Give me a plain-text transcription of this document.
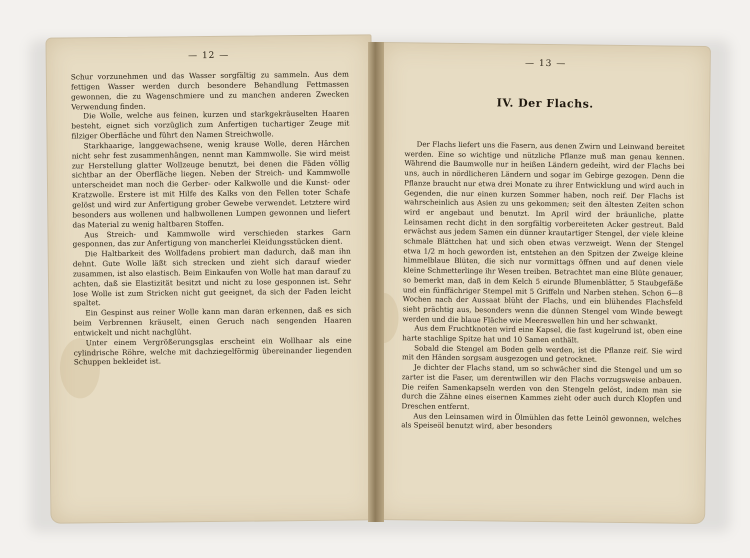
— 12 —

Schur vorzunehmen und das Wasser sorgfältig zu sammeln. Aus dem fettigen Wasser werden durch besondere Behandlung Fettmassen gewonnen, die zu Wagenschmiere und zu manchen anderen Zwecken Verwendung finden.

Die Wolle, welche aus feinen, kurzen und starkgekräuselten Haaren besteht, eignet sich vorzüglich zum Anfertigen tuchartiger Zeuge mit filziger Oberfläche und führt den Namen Streichwolle.

Starkhaarige, langgewachsene, wenig krause Wolle, deren Härchen nicht sehr fest zusammenhängen, nennt man Kammwolle. Sie wird meist zur Herstellung glatter Wollzeuge benutzt, bei denen die Fäden völlig sichtbar an der Oberfläche liegen. Neben der Streich- und Kammwolle unterscheidet man noch die Gerber- oder Kalkwolle und die Kunst- oder Kratzwolle. Erstere ist mit Hilfe des Kalks von den Fellen toter Schafe gelöst und wird zur Anfertigung grober Gewebe verwendet. Letztere wird besonders aus wollenen und halbwollenen Lumpen gewonnen und liefert das Material zu wenig haltbaren Stoffen.

Aus Streich- und Kammwolle wird verschieden starkes Garn gesponnen, das zur Anfertigung von mancherlei Kleidungsstücken dient.

Die Haltbarkeit des Wollfadens probiert man dadurch, daß man ihn dehnt. Gute Wolle läßt sich strecken und zieht sich darauf wieder zusammen, ist also elastisch. Beim Einkaufen von Wolle hat man darauf zu achten, daß sie Elastizität besitzt und nicht zu lose gesponnen ist. Sehr lose Wolle ist zum Stricken nicht gut geeignet, da sich der Faden leicht spaltet.

Ein Gespinst aus reiner Wolle kann man daran erkennen, daß es sich beim Verbrennen kräuselt, einen Geruch nach sengenden Haaren entwickelt und nicht nachglüht.

Unter einem Vergrößerungsglas erscheint ein Wollhaar als eine cylindrische Röhre, welche mit dachziegelförmig übereinander liegenden Schuppen bekleidet ist.

— 13 —
IV. Der Flachs.

Der Flachs liefert uns die Fasern, aus denen Zwirn und Leinwand bereitet werden. Eine so wichtige und nützliche Pflanze muß man genau kennen. Während die Baumwolle nur in heißen Ländern gedeiht, wird der Flachs bei uns, auch in nördlicheren Ländern und sogar im Gebirge gezogen. Denn die Pflanze braucht nur etwa drei Monate zu ihrer Entwicklung und wird auch in Gegenden, die nur einen kurzen Sommer haben, noch reif. Der Flachs ist wahrscheinlich aus Asien zu uns gekommen; seit den ältesten Zeiten schon wird er angebaut und benutzt. Im April wird der bräunliche, platte Leinsamen recht dicht in den sorgfältig vorbereiteten Acker gestreut. Bald erwächst aus jedem Samen ein dünner krautartiger Stengel, der viele kleine schmale Blättchen hat und sich oben etwas verzweigt. Wenn der Stengel etwa 1/2 m hoch geworden ist, entstehen an den Spitzen der Zweige kleine himmelblaue Blüten, die sich nur vormittags öffnen und auf denen viele kleine Schmetterlinge ihr Wesen treiben. Betrachtet man eine Blüte genauer, so bemerkt man, daß in dem Kelch 5 eirunde Blumenblätter, 5 Staubgefäße und ein fünffächriger Stempel mit 5 Griffeln und Narben stehen. Schon 6—8 Wochen nach der Aussaat blüht der Flachs, und ein blühendes Flachsfeld sieht prächtig aus, besonders wenn die dünnen Stengel vom Winde bewegt werden und die blaue Fläche wie Meereswellen hin und her schwankt.

Aus dem Fruchtknoten wird eine Kapsel, die fast kugelrund ist, oben eine harte stachlige Spitze hat und 10 Samen enthält.

Sobald die Stengel am Boden gelb werden, ist die Pflanze reif. Sie wird mit den Händen sorgsam ausgezogen und getrocknet.

Je dichter der Flachs stand, um so schwächer sind die Stengel und um so zarter ist die Faser, um derentwillen wir den Flachs vorzugsweise anbauen. Die reifen Samenkapseln werden von den Stengeln gelöst, indem man sie durch die Zähne eines eisernen Kammes zieht oder auch durch Klopfen und Dreschen entfernt.

Aus den Leinsamen wird in Ölmühlen das fette Leinöl gewonnen, welches als Speiseöl benutzt wird, aber besonders
